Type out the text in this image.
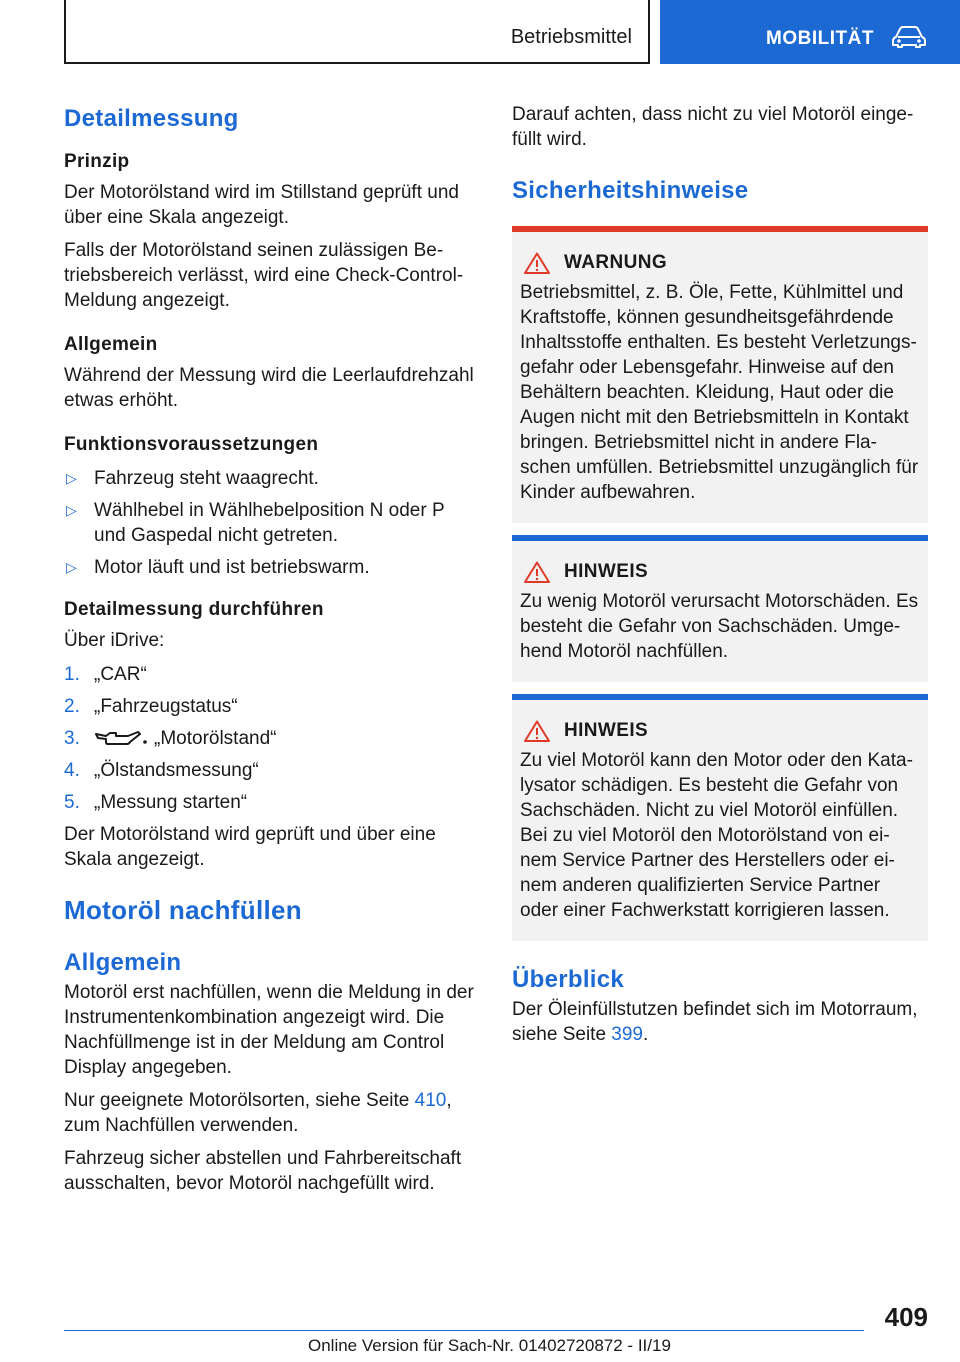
Betriebsmittel	MOBILITÄT
Detailmessung
Prinzip

Der Motorölstand wird im Stillstand geprüft und über eine Skala angezeigt.

Falls der Motorölstand seinen zulässigen Betriebsbereich verlässt, wird eine Check-Control-Meldung angezeigt.

Allgemein

Während der Messung wird die Leerlaufdrehzahl etwas erhöht.

Funktionsvoraussetzungen
▷ Fahrzeug steht waagrecht.
▷ Wählhebel in Wählhebelposition N oder P und Gaspedal nicht getreten.
▷ Motor läuft und ist betriebswarm.
Detailmessung durchführen

Über iDrive:

1. „CAR“
2. „Fahrzeugstatus“
3.	„Motorölstand“
4. „Ölstandsmessung“
5. „Messung starten“

Der Motorölstand wird geprüft und über eine Skala angezeigt.

Motoröl nachfüllen
Allgemein

Motoröl erst nachfüllen, wenn die Meldung in der Instrumentenkombination angezeigt wird. Die Nachfüllmenge ist in der Meldung am Control Display angegeben.

Nur geeignete Motorölsorten, siehe Seite 410, zum Nachfüllen verwenden.

Fahrzeug sicher abstellen und Fahrbereitschaft ausschalten, bevor Motoröl nachgefüllt wird.

Darauf achten, dass nicht zu viel Motoröl eingefüllt wird.

Sicherheitshinweise
WARNUNG

Betriebsmittel, z. B. Öle, Fette, Kühlmittel und Kraftstoffe, können gesundheitsgefährdende Inhaltsstoffe enthalten. Es besteht Verletzungsgefahr oder Lebensgefahr. Hinweise auf den Behältern beachten. Kleidung, Haut oder die Augen nicht mit den Betriebsmitteln in Kontakt bringen. Betriebsmittel nicht in andere Flaschen umfüllen. Betriebsmittel unzugänglich für Kinder aufbewahren.

HINWEIS

Zu wenig Motoröl verursacht Motorschäden. Es besteht die Gefahr von Sachschäden. Umgehend Motoröl nachfüllen.

HINWEIS

Zu viel Motoröl kann den Motor oder den Katalysator schädigen. Es besteht die Gefahr von Sachschäden. Nicht zu viel Motoröl einfüllen. Bei zu viel Motoröl den Motorölstand von einem Service Partner des Herstellers oder einem anderen qualifizierten Service Partner oder einer Fachwerkstatt korrigieren lassen.

Überblick

Der Öleinfüllstutzen befindet sich im Motorraum, siehe Seite 399.

409
Online Version für Sach-Nr. 01402720872 - II/19
